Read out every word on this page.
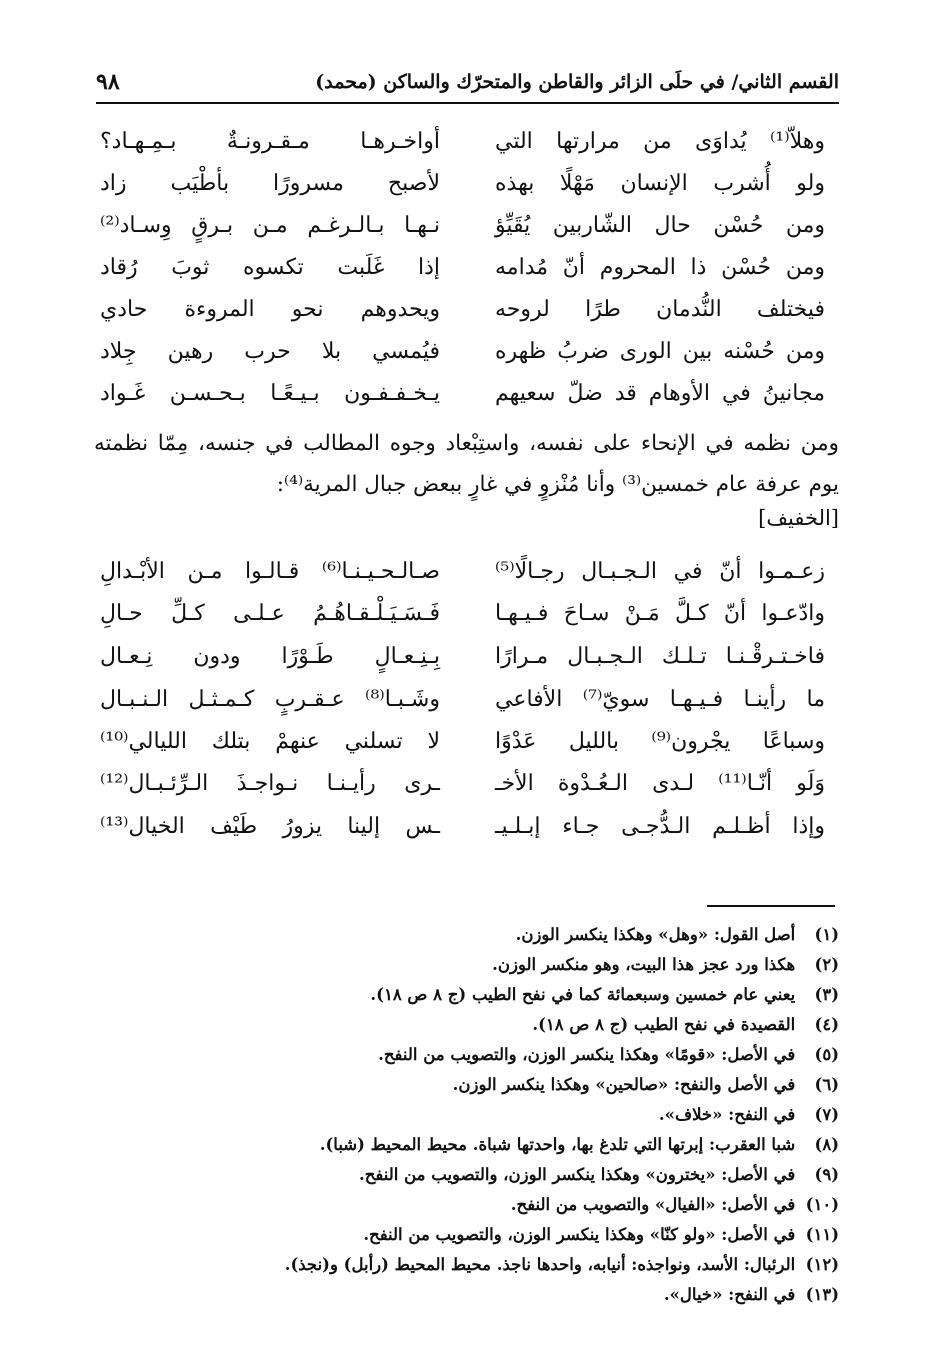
القسم الثاني/ في حلَى الزائر والقاطن والمتحرّك والساكن (محمد)
٩٨
وهلاّ⁽¹⁾ يُداوَى من مرارتها التي
أواخـرهـا مـقـرونـةٌ بـمِـهـاد؟
ولو أُشرب الإنسان مَهْلًا بهذه
لأصبح مسرورًا بأطْيَب زاد
ومن حُسْن حال الشّاربين يُقَيِّؤ
نـهـا بـالـرغـم مـن بـرقٍ وِسـاد⁽²⁾
ومن حُسْن ذا المحروم أنّ مُدامه
إذا غَلَبت تكسوه ثوبَ رُقاد
فيختلف النُّدمان طرًا لروحه
ويحدوهم نحو المروءة حادي
ومن حُسْنه بين الورى ضربُ ظهره
فيُمسي بلا حرب رهين جِلاد
مجانينُ في الأوهام قد ضلّ سعيهم
يـخـفـفـون بـيـعًـا بـحـسـن غَـواد
ومن نظمه في الإنحاء على نفسه، واستِبْعاد وجوه المطالب في جنسه، مِمّا نظمته يوم عرفة عام خمسين⁽³⁾ وأنا مُنْزوٍ في غارٍ ببعض جبال المرية⁽⁴⁾:
[الخفيف]
زعـمـوا أنّ في الـجـبـال رجـالًا⁽⁵⁾
صـالـحـيـنـا⁽⁶⁾ قـالـوا مـن الأبْـدالِ
وادّعـوا أنّ كـلَّ مَـنْ سـاحَ فـيـهـا
فَـسَـيَـلْـقـاهُـمُ عـلـى كـلِّ حـالِ
فاخـتـرقْـنـا تـلـك الـجـبـال مـرارًا
بِـنِـعـالٍ طَـوْرًا ودون نِـعـال
ما رأينـا فـيـهـا سويّ⁽⁷⁾ الأفاعي
وشَـبـا⁽⁸⁾ عـقـربٍ كـمـثـل الـنـبـال
وسباعًا يجْرون⁽⁹⁾ بالليل عَدْوًا
لا تسلني عنهمْ بتلك الليالي⁽¹⁰⁾
وَلَو أنّـا⁽¹¹⁾ لـدى الـعُـدْوة الأخـ
ـرى رأيـنـا نـواجـذَ الـرِّئـبـال⁽¹²⁾
وإذا أظـلـم الـدُّجـى جـاء إبـلـيـ
ـس إلينا يزورُ طَيْف الخيال⁽¹³⁾
(١) أصل القول: «وهل» وهكذا ينكسر الوزن.
(٢) هكذا ورد عجز هذا البيت، وهو منكسر الوزن.
(٣) يعني عام خمسين وسبعمائة كما في نفح الطيب (ج ٨ ص ١٨).
(٤) القصيدة في نفح الطيب (ج ٨ ص ١٨).
(٥) في الأصل: «قومًا» وهكذا ينكسر الوزن، والتصويب من النفح.
(٦) في الأصل والنفح: «صالحين» وهكذا ينكسر الوزن.
(٧) في النفح: «خلاف».
(٨) شبا العقرب: إبرتها التي تلدغ بها، واحدتها شباة. محيط المحيط (شبا).
(٩) في الأصل: «يخترون» وهكذا ينكسر الوزن، والتصويب من النفح.
(١٠) في الأصل: «الفيال» والتصويب من النفح.
(١١) في الأصل: «ولو كنّا» وهكذا ينكسر الوزن، والتصويب من النفح.
(١٢) الرئبال: الأسد، ونواجذه: أنيابه، واحدها ناجذ. محيط المحيط (رأبل) و(نجذ).
(١٣) في النفح: «خيال».
